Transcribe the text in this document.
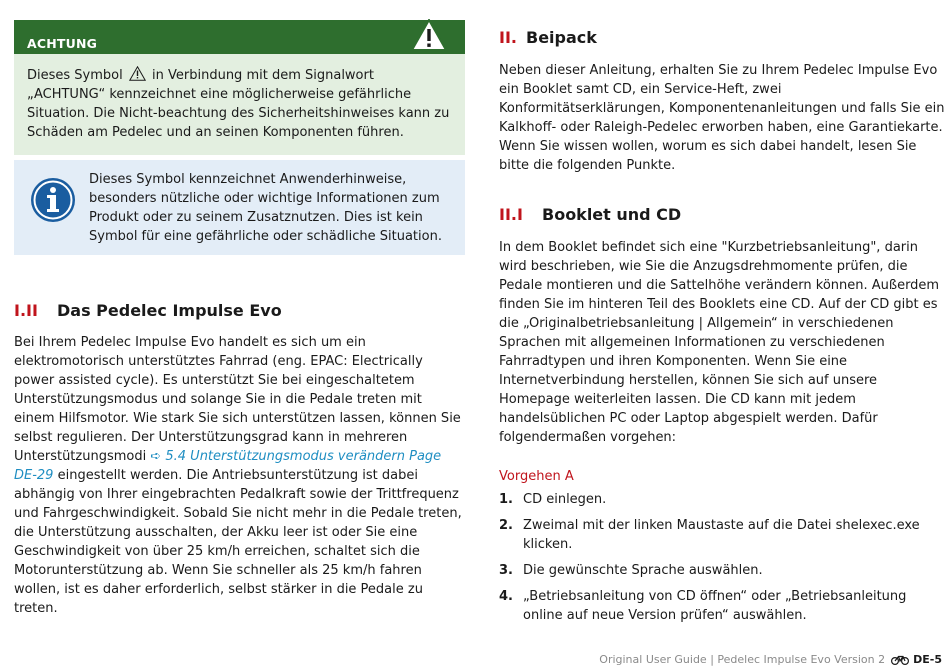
ACHTUNG
Dieses Symbol in Verbindung mit dem Signalwort „ACHTUNG“ kennzeichnet eine möglicherweise gefährliche Situation. Die Nicht-beachtung des Sicherheitshinweises kann zu Schäden am Pedelec und an seinen Komponenten führen.
Dieses Symbol kennzeichnet Anwenderhinweise, besonders nützliche oder wichtige Informationen zum Produkt oder zu seinem Zusatznutzen. Dies ist kein Symbol für eine gefährliche oder schädliche Situation.
I.II Das Pedelec Impulse Evo

Bei Ihrem Pedelec Impulse Evo handelt es sich um ein elektromotorisch unterstütztes Fahrrad (eng. EPAC: Electrically power assisted cycle). Es unterstützt Sie bei eingeschaltetem Unterstützungsmodus und solange Sie in die Pedale treten mit einem Hilfsmotor. Wie stark Sie sich unterstützen lassen, können Sie selbst regulieren. Der Unterstützungsgrad kann in mehreren Unterstützungsmodi ➪ 5.4 Unterstützungsmodus verändern Page DE-29 eingestellt werden. Die Antriebsunterstützung ist dabei abhängig von Ihrer eingebrachten Pedalkraft sowie der Trittfrequenz und Fahrgeschwindigkeit. Sobald Sie nicht mehr in die Pedale treten, die Unterstützung ausschalten, der Akku leer ist oder Sie eine Geschwindigkeit von über 25 km/h erreichen, schaltet sich die Motorunterstützung ab. Wenn Sie schneller als 25 km/h fahren wollen, ist es daher erforderlich, selbst stärker in die Pedale zu treten.

II. Beipack

Neben dieser Anleitung, erhalten Sie zu Ihrem Pedelec Impulse Evo ein Booklet samt CD, ein Service-Heft, zwei Konformitätserklärungen, Komponentenanleitungen und falls Sie ein Kalkhoff- oder Raleigh-Pedelec erworben haben, eine Garantiekarte. Wenn Sie wissen wollen, worum es sich dabei handelt, lesen Sie bitte die folgenden Punkte.

II.I Booklet und CD

In dem Booklet befindet sich eine "Kurzbetriebsanleitung", darin wird beschrieben, wie Sie die Anzugsdrehmomente prüfen, die Pedale montieren und die Sattelhöhe verändern können. Außerdem finden Sie im hinteren Teil des Booklets eine CD. Auf der CD gibt es die „Originalbetriebsanleitung | Allgemein“ in verschiedenen Sprachen mit allgemeinen Informationen zu verschiedenen Fahrradtypen und ihren Komponenten. Wenn Sie eine Internetverbindung herstellen, können Sie sich auf unsere Homepage weiterleiten lassen. Die CD kann mit jedem handelsüblichen PC oder Laptop abgespielt werden. Dafür folgendermaßen vorgehen:

Vorgehen A
1. CD einlegen.
2. Zweimal mit der linken Maustaste auf die Datei shelexec.exe klicken.
3. Die gewünschte Sprache auswählen.
4. „Betriebsanleitung von CD öffnen“ oder „Betriebsanleitung online auf neue Version prüfen“ auswählen.
Original User Guide | Pedelec Impulse Evo Version 2	DE-5
